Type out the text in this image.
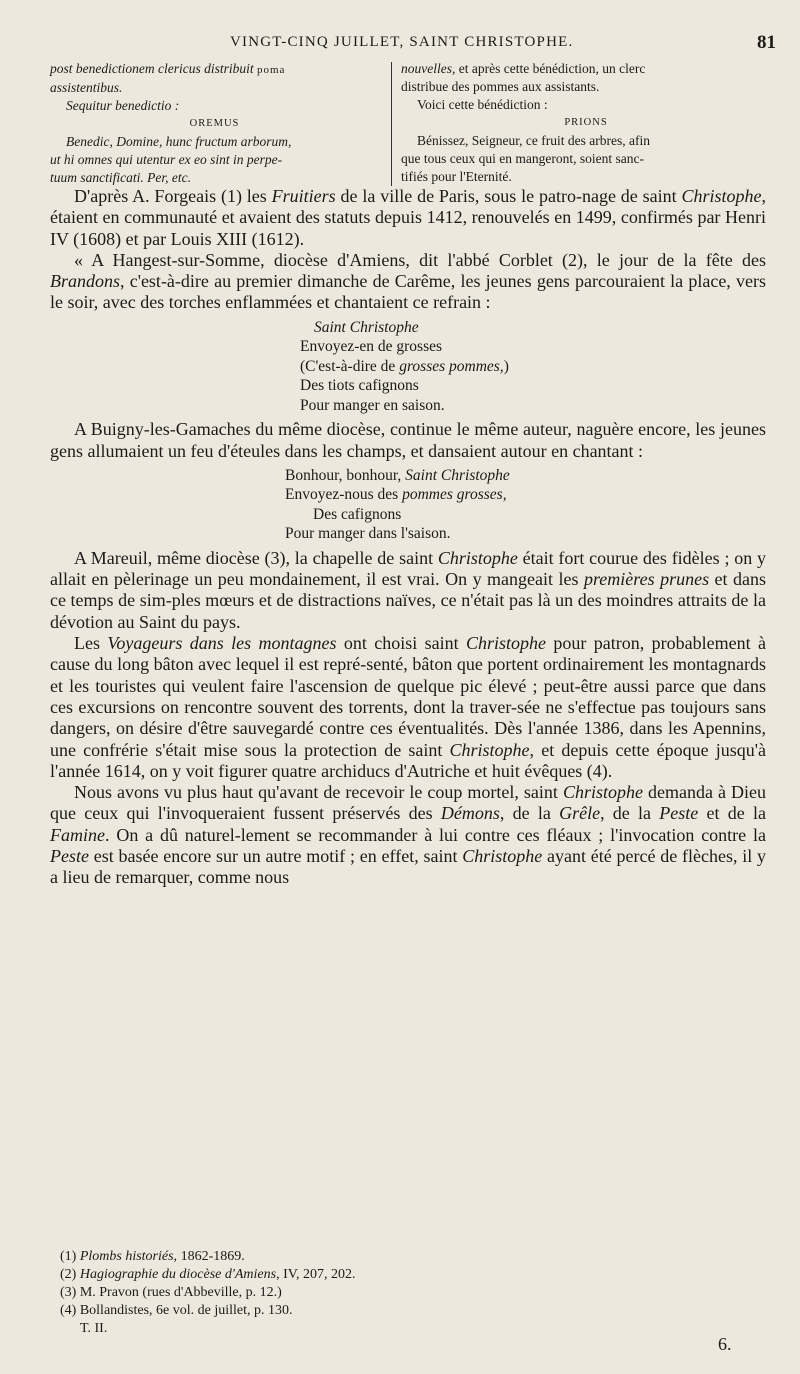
VINGT-CINQ JUILLET, SAINT CHRISTOPHE.	81

post benedictionem clericus distribuit poma

assistentibus.

Sequitur benedictio :

OREMUS

Benedic, Domine, hunc fructum arborum,

ut hi omnes qui utentur ex eo sint in perpe-

tuum sanctificati. Per, etc.

nouvelles, et après cette bénédiction, un clerc

distribue des pommes aux assistants.

Voici cette bénédiction :

PRIONS

Bénissez, Seigneur, ce fruit des arbres, afin

que tous ceux qui en mangeront, soient sanc-

tifiés pour l'Eternité.

D'après A. Forgeais (1) les Fruitiers de la ville de Paris, sous le patro-nage de saint Christophe, étaient en communauté et avaient des statuts depuis 1412, renouvelés en 1499, confirmés par Henri IV (1608) et par Louis XIII (1612).

« A Hangest-sur-Somme, diocèse d'Amiens, dit l'abbé Corblet (2), le jour de la fête des Brandons, c'est-à-dire au premier dimanche de Carême, les jeunes gens parcouraient la place, vers le soir, avec des torches enflammées et chantaient ce refrain :

Saint Christophe
Envoyez-en de grosses
(C'est-à-dire de grosses pommes,)
Des tiots cafignons
Pour manger en saison.

A Buigny-les-Gamaches du même diocèse, continue le même auteur, naguère encore, les jeunes gens allumaient un feu d'éteules dans les champs, et dansaient autour en chantant :

Bonhour, bonhour, Saint Christophe
Envoyez-nous des pommes grosses,
Des cafignons
Pour manger dans l'saison.

A Mareuil, même diocèse (3), la chapelle de saint Christophe était fort courue des fidèles ; on y allait en pèlerinage un peu mondainement, il est vrai. On y mangeait les premières prunes et dans ce temps de sim-ples mœurs et de distractions naïves, ce n'était pas là un des moindres attraits de la dévotion au Saint du pays.

Les Voyageurs dans les montagnes ont choisi saint Christophe pour patron, probablement à cause du long bâton avec lequel il est repré-senté, bâton que portent ordinairement les montagnards et les touristes qui veulent faire l'ascension de quelque pic élevé ; peut-être aussi parce que dans ces excursions on rencontre souvent des torrents, dont la traver-sée ne s'effectue pas toujours sans dangers, on désire d'être sauvegardé contre ces éventualités. Dès l'année 1386, dans les Apennins, une confrérie s'était mise sous la protection de saint Christophe, et depuis cette époque jusqu'à l'année 1614, on y voit figurer quatre archiducs d'Autriche et huit évêques (4).

Nous avons vu plus haut qu'avant de recevoir le coup mortel, saint Christophe demanda à Dieu que ceux qui l'invoqueraient fussent préservés des Démons, de la Grêle, de la Peste et de la Famine. On a dû naturel-lement se recommander à lui contre ces fléaux ; l'invocation contre la Peste est basée encore sur un autre motif ; en effet, saint Christophe ayant été percé de flèches, il y a lieu de remarquer, comme nous

(1) Plombs historiés, 1862-1869.
(2) Hagiographie du diocèse d'Amiens, IV, 207, 202.
(3) M. Pravon (rues d'Abbeville, p. 12.)
(4) Bollandistes, 6e vol. de juillet, p. 130.
T. II.
6.
